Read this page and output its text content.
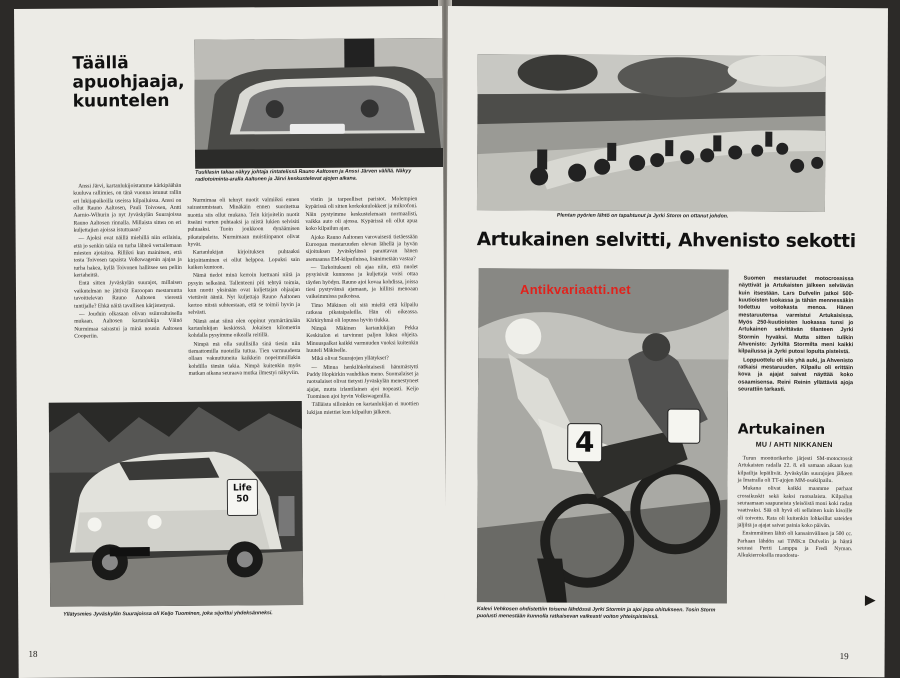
Täällä apuohjaaja, kuuntelen
Tuulilasin takaa näkyy johtaja rintatelissä Rauno Aaltosen ja Anssi Järven välillä. Näkyy radiotoiminta-aralla Aaltonen ja Järvi keskustelevat ajojen aikana.

Anssi Järvi, kartanlukijoistamme kärkipäähän kuuluva rallimies, on tänä vuonna istunut rallin eri lukijapaikoilla useissa kilpailuissa. Anssi on ollut Rauno Aaltosen, Pauli Toivosen, Antti Aarnio-Wihurin ja nyt Jyväskylän Suurajoissa Rauno Aaltosen rinnalla. Millaista sitten on eri kuljettajien ajoissa istuttuaan?

— Ajoksi ovat näillä miehillä niin erilaisia, että jo senkin takia on turha lähteä vertailemaan miesten ajotaitoa. Rilliksi kun mainitsen, että tosta Toivosen tapaista Volkswagenin ajajaa ja turha hakea, kyllä Toivonen hallitsee sen peliin kertaheittä.

Entä sitten Jyväskylän suurajot, millaisen vaikutelman ne jättivät Euroopan mestaruutta tavoittelevan Rauno Aaltosen vierestä tuntijalle? Ehkä näitä tavallisen kärjistettynä.

— Jouduin olkasaan olivan ssiinvaltaisella mukaan. Aaltosen kartanlukija Väinö Nurmimaa sairastui ja minä nousin Aaltosen Cooperiin.

Nurmimaa oli tehnyt nuotit valmiiksi ennen sairastumistaan. Minäkäin ennen suoritettua nuottia siis ollut mukana. Tein kirjoitelin nuotit itseäni varten puhtaaksi ja niistä lukien selvisiti puhtaaksi. Tuoin joukkoon dynäämisen pikataipaleita. Nurmimaan muistiinpanot olivat hyvät.

Kartanlukijan kirjoituksen puhtaaksi kirjoittaminen ei ollut helppoa. Lopuksi sain kaiken kuntoon.

Nämä tiedot minä kerroin luettuani niitä ja pysyin selkeänä. Tallenteeni piti tehtyä toimia, kun nuotit yksinään ovat kuljettajan ohjaajan viettävät ääniä. Nyt kuljettaja Rauno Aaltonen kertoo niistä suhteestaan, että se toimii hyvin ja selvästi.

Nämä asiat siinä olen oppinut ymmärtämään kartanlukijan keskiössä. Jokaisen kilometrin kohdalla pysyimme oikealla reitillä.

Nimpä mä olla suullisilla sinä tiesin niin tiemattomilla nuoteilla tuttua. Tien varmuudesta ollaan vakuuttuneita kaikkein nopeimmillakin kohdilla tämän takia. Nimpä kuitenkin myös matkan aikana seuraava mutka ilmestyi näkyviin.

vistin ja tarpeelliset paristot. Molempien kypärissä oli sitten korkokuulokkeet ja mikrofoni. Näin pystyimme keskustelemaan normaalisti, vaikka auto oli ajossa. Kypärissä oli ollut apua koko kilpailun ajan.

Ajoko Rauno Aaltonen varovaisesti tietäessään Euroopan mestaruuden olevan lähellä ja hyvän sijoituksen Jyväskylässä parantavan hänen asemaansa EM-kilpailuissa, lisänimetään vastaa?

— Tarkoitukseni oli ajaa niin, että nuolet pysyisivät kunnossa ja kuljettaja voisi ottaa täyden hyödyn. Rauno ajoi kovaa kohdissa, joissa tiesi pystyvänsä ajamaan, ja hillitsi menoaan vaikeimmissa paikoissa.

Timo Mäkinen oli sitä mieltä että kilpailu ratkeaa pikataipaleilla. Hän oli oikeassa. Kärkiryhmä oli lopussa hyvin tiukka.

Nimpä Mäkinen kartanlukijan Pekka Keskitalon ei tarvinnut paljon lukea ohjeita. Minuuspalkat kaikki varmuuden vuoksi kuitenkin huuteli Mäkiselle.

Mikä olivat Suurajojen yllätykset?

— Minua henkilökohtaisesti hämmästytti Paddy Hopkirkin vauhdikas meno. Suomalaiset ja ruotsalaiset olivat tietysti Jyväskylän menestyneet ajajat, mutta irlantilainen ajoi nopeasti. Keijo Tuominen ajoi hyvin Volkswagenilla.

Tälläista silloinkin on kartanlukijan ei nuottien lukijan miettiet kun kilpailun jälkeen.

Life 50
Yllätysmies Jyväskylän Suurajoissa oli Keijo Tuominen, joka sijoittui yhdeksänneksi.
18
Plentan pyörien lähtö on tapahtunut ja Jyrki Storm on ottanut johdon.
Artukainen selvitti, Ahvenisto sekotti
4
Kalevi Vehkosen ohdistettiin toisena lähdössä Jyrki Stormin ja ajoi jopa ohitukseen. Tosin Storm puolusti menestään kunnolla ratkaisevan vaikeasti voiton yhteispisteissä.

Suomen mestaruudet motocrossissa näyttivät ja Artukaisten jälkeen selviävän kuin itsestään. Lars Dufvelin jatkoi 500-kuutioisten luokassa ja tähän mennessäkin todettuu voitokasta menoa. Hänen mestaruutensa varmistui Artukaisissa. Myös 250-kuutioisten luokassa tunsi jo Artukainen selvittävän tilanteen Jyrki Stormin hyväksi. Mutta sitten tulikin Ahvenisto: Jyrkiltä Stormilta meni kaikki kilpailussa ja Jyrki putosi lopulta pisteistä.

Loppuottelu oli siis yhä auki, ja Ahvenisto ratkaisi mestaruuden. Kilpailu oli erittäin kova ja ajajat saivat näyttää koko osaamisensa. Reini Reinin yllättäviä ajoja seurattiin tarkasti.

Artukainen
MU / AHTI NIKKANEN

Turun moottorikerho järjesti SM-motocrossit Artukaisten radalla 22. 8. eli samaan aikaan kun kilpailija lepäilivät. Jyväskylän suurajojen jälkeen ja Imatralla oli TT-ajojen MM-osakilpailu.

Mukana olivat kaikki maamme parhaat crossikuskit sekä kaksi ruotsalaista. Kilpailun seuraamaan saapuneista yleisöistä moni koki radan vaativaksi. Sää oli hyvä eli sellainen kuin kisoille oli toivottu. Rata oli kuitenkin lohkeillut sateiden jäljiltä ja ajajat saivat painia koko päivän.

Ensimmäinen lähtö oli kansainvälinen ja 500 cc. Parhaan lähdön sai TiMK:n Dufvelin ja häntä seurasi Pertti Lamppu ja Fredi Nyman. Alkukierroksilla muodostu-

▶
19
Antikvariaatti.net
